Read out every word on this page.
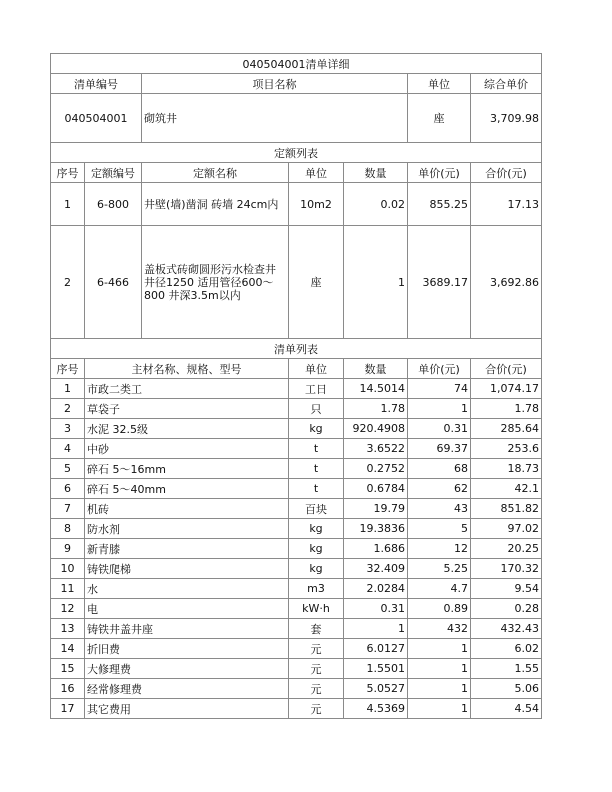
040504001清单详细						
清单编号		项目名称			单位	综合单价
040504001		砌筑井			座	3,709.98
定额列表						
序号	定额编号	定额名称	单位	数量	单价(元)	合价(元)
1	6-800	井壁(墙)凿洞 砖墙 24cm内	10m2	0.02	855.25	17.13
2	6-466	盖板式砖砌圆形污水检查井 井径1250 适用管径600～800 井深3.5m以内	座	1	3689.17	3,692.86
清单列表						
序号	主材名称、规格、型号		单位	数量	单价(元)	合价(元)
1	市政二类工		工日	14.5014	74	1,074.17
2	草袋子		只	1.78	1	1.78
3	水泥 32.5级		kg	920.4908	0.31	285.64
4	中砂		t	3.6522	69.37	253.6
5	碎石 5～16mm		t	0.2752	68	18.73
6	碎石 5～40mm		t	0.6784	62	42.1
7	机砖		百块	19.79	43	851.82
8	防水剂		kg	19.3836	5	97.02
9	新青膝		kg	1.686	12	20.25
10	铸铁爬梯		kg	32.409	5.25	170.32
11	水		m3	2.0284	4.7	9.54
12	电		kW·h	0.31	0.89	0.28
13	铸铁井盖井座		套	1	432	432.43
14	折旧费		元	6.0127	1	6.02
15	大修理费		元	1.5501	1	1.55
16	经常修理费		元	5.0527	1	5.06
17	其它费用		元	4.5369	1	4.54
